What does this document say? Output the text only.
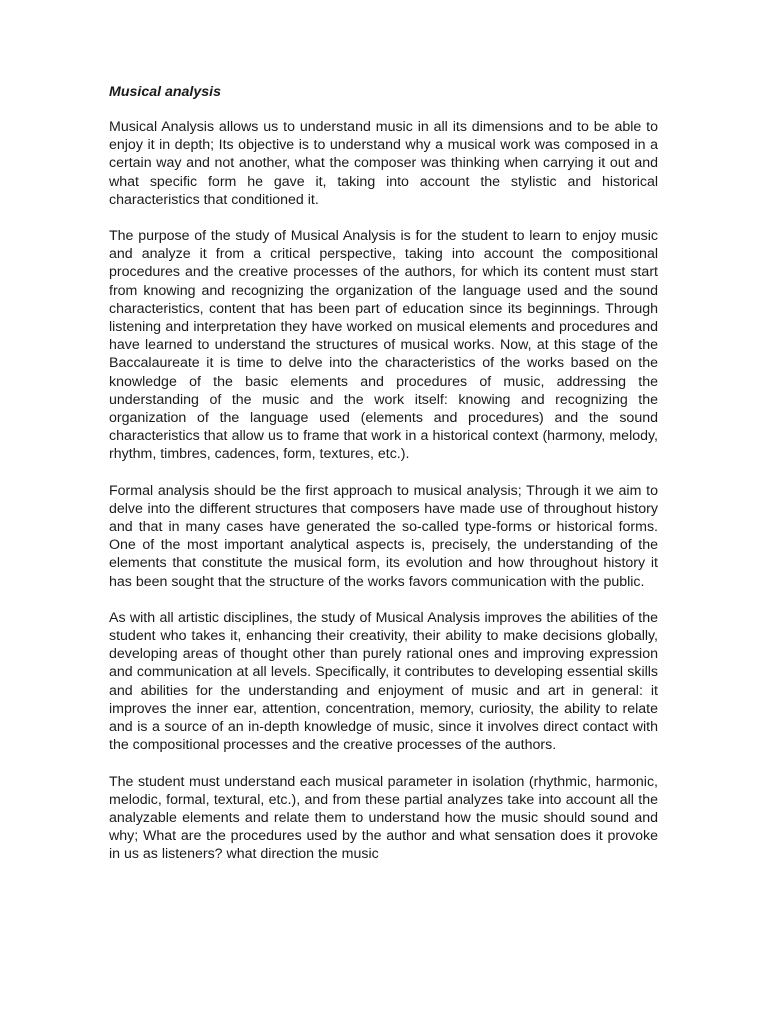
Musical analysis

Musical Analysis allows us to understand music in all its dimensions and to be able to enjoy it in depth; Its objective is to understand why a musical work was composed in a certain way and not another, what the composer was thinking when carrying it out and what specific form he gave it, taking into account the stylistic and historical characteristics that conditioned it.

The purpose of the study of Musical Analysis is for the student to learn to enjoy music and analyze it from a critical perspective, taking into account the compositional procedures and the creative processes of the authors, for which its content must start from knowing and recognizing the organization of the language used and the sound characteristics, content that has been part of education since its beginnings. Through listening and interpretation they have worked on musical elements and procedures and have learned to understand the structures of musical works. Now, at this stage of the Baccalaureate it is time to delve into the characteristics of the works based on the knowledge of the basic elements and procedures of music, addressing the understanding of the music and the work itself: knowing and recognizing the organization of the language used (elements and procedures) and the sound characteristics that allow us to frame that work in a historical context (harmony, melody, rhythm, timbres, cadences, form, textures, etc.).

Formal analysis should be the first approach to musical analysis; Through it we aim to delve into the different structures that composers have made use of throughout history and that in many cases have generated the so-called type-forms or historical forms. One of the most important analytical aspects is, precisely, the understanding of the elements that constitute the musical form, its evolution and how throughout history it has been sought that the structure of the works favors communication with the public.

As with all artistic disciplines, the study of Musical Analysis improves the abilities of the student who takes it, enhancing their creativity, their ability to make decisions globally, developing areas of thought other than purely rational ones and improving expression and communication at all levels. Specifically, it contributes to developing essential skills and abilities for the understanding and enjoyment of music and art in general: it improves the inner ear, attention, concentration, memory, curiosity, the ability to relate and is a source of an in-depth knowledge of music, since it involves direct contact with the compositional processes and the creative processes of the authors.

The student must understand each musical parameter in isolation (rhythmic, harmonic, melodic, formal, textural, etc.), and from these partial analyzes take into account all the analyzable elements and relate them to understand how the music should sound and why; What are the procedures used by the author and what sensation does it provoke in us as listeners? what direction the music
